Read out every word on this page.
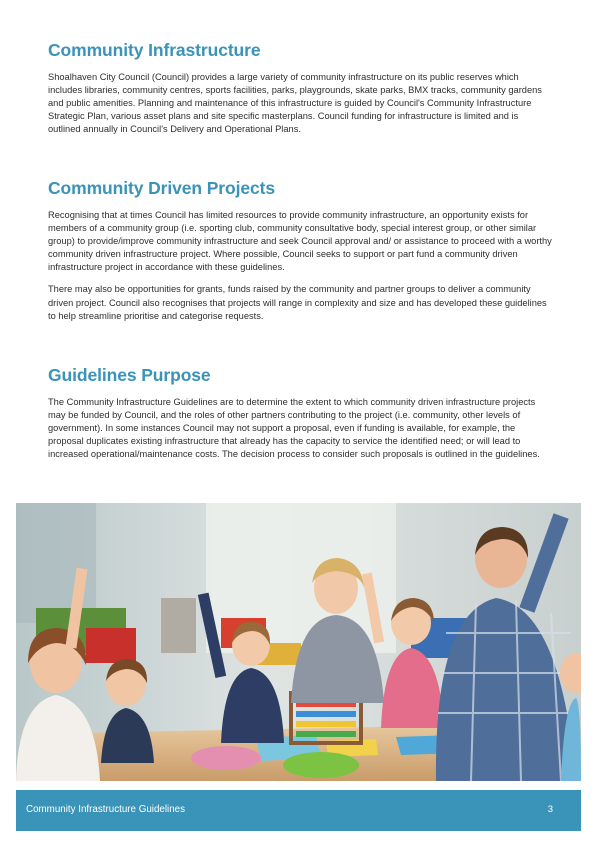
Community Infrastructure

Shoalhaven City Council (Council) provides a large variety of community infrastructure on its public reserves which includes libraries, community centres, sports facilities, parks, playgrounds, skate parks, BMX tracks, community gardens and public amenities. Planning and maintenance of this infrastructure is guided by Council's Community Infrastructure Strategic Plan, various asset plans and site specific masterplans. Council funding for infrastructure is limited and is outlined annually in Council's Delivery and Operational Plans.

Community Driven Projects

Recognising that at times Council has limited resources to provide community infrastructure, an opportunity exists for members of a community group (i.e. sporting club, community consultative body, special interest group, or other similar group) to provide/improve community infrastructure and seek Council approval and/ or assistance to proceed with a worthy community driven infrastructure project. Where possible, Council seeks to support or part fund a community driven infrastructure project in accordance with these guidelines.

There may also be opportunities for grants, funds raised by the community and partner groups to deliver a community driven project. Council also recognises that projects will range in complexity and size and has developed these guidelines to help streamline prioritise and categorise requests.

Guidelines Purpose

The Community Infrastructure Guidelines are to determine the extent to which community driven infrastructure projects may be funded by Council, and the roles of other partners contributing to the project (i.e. community, other levels of government). In some instances Council may not support a proposal, even if funding is available, for example, the proposal duplicates existing infrastructure that already has the capacity to service the identified need; or will lead to increased operational/maintenance costs. The decision process to consider such proposals is outlined in the guidelines.

Community Infrastructure Guidelines	3
